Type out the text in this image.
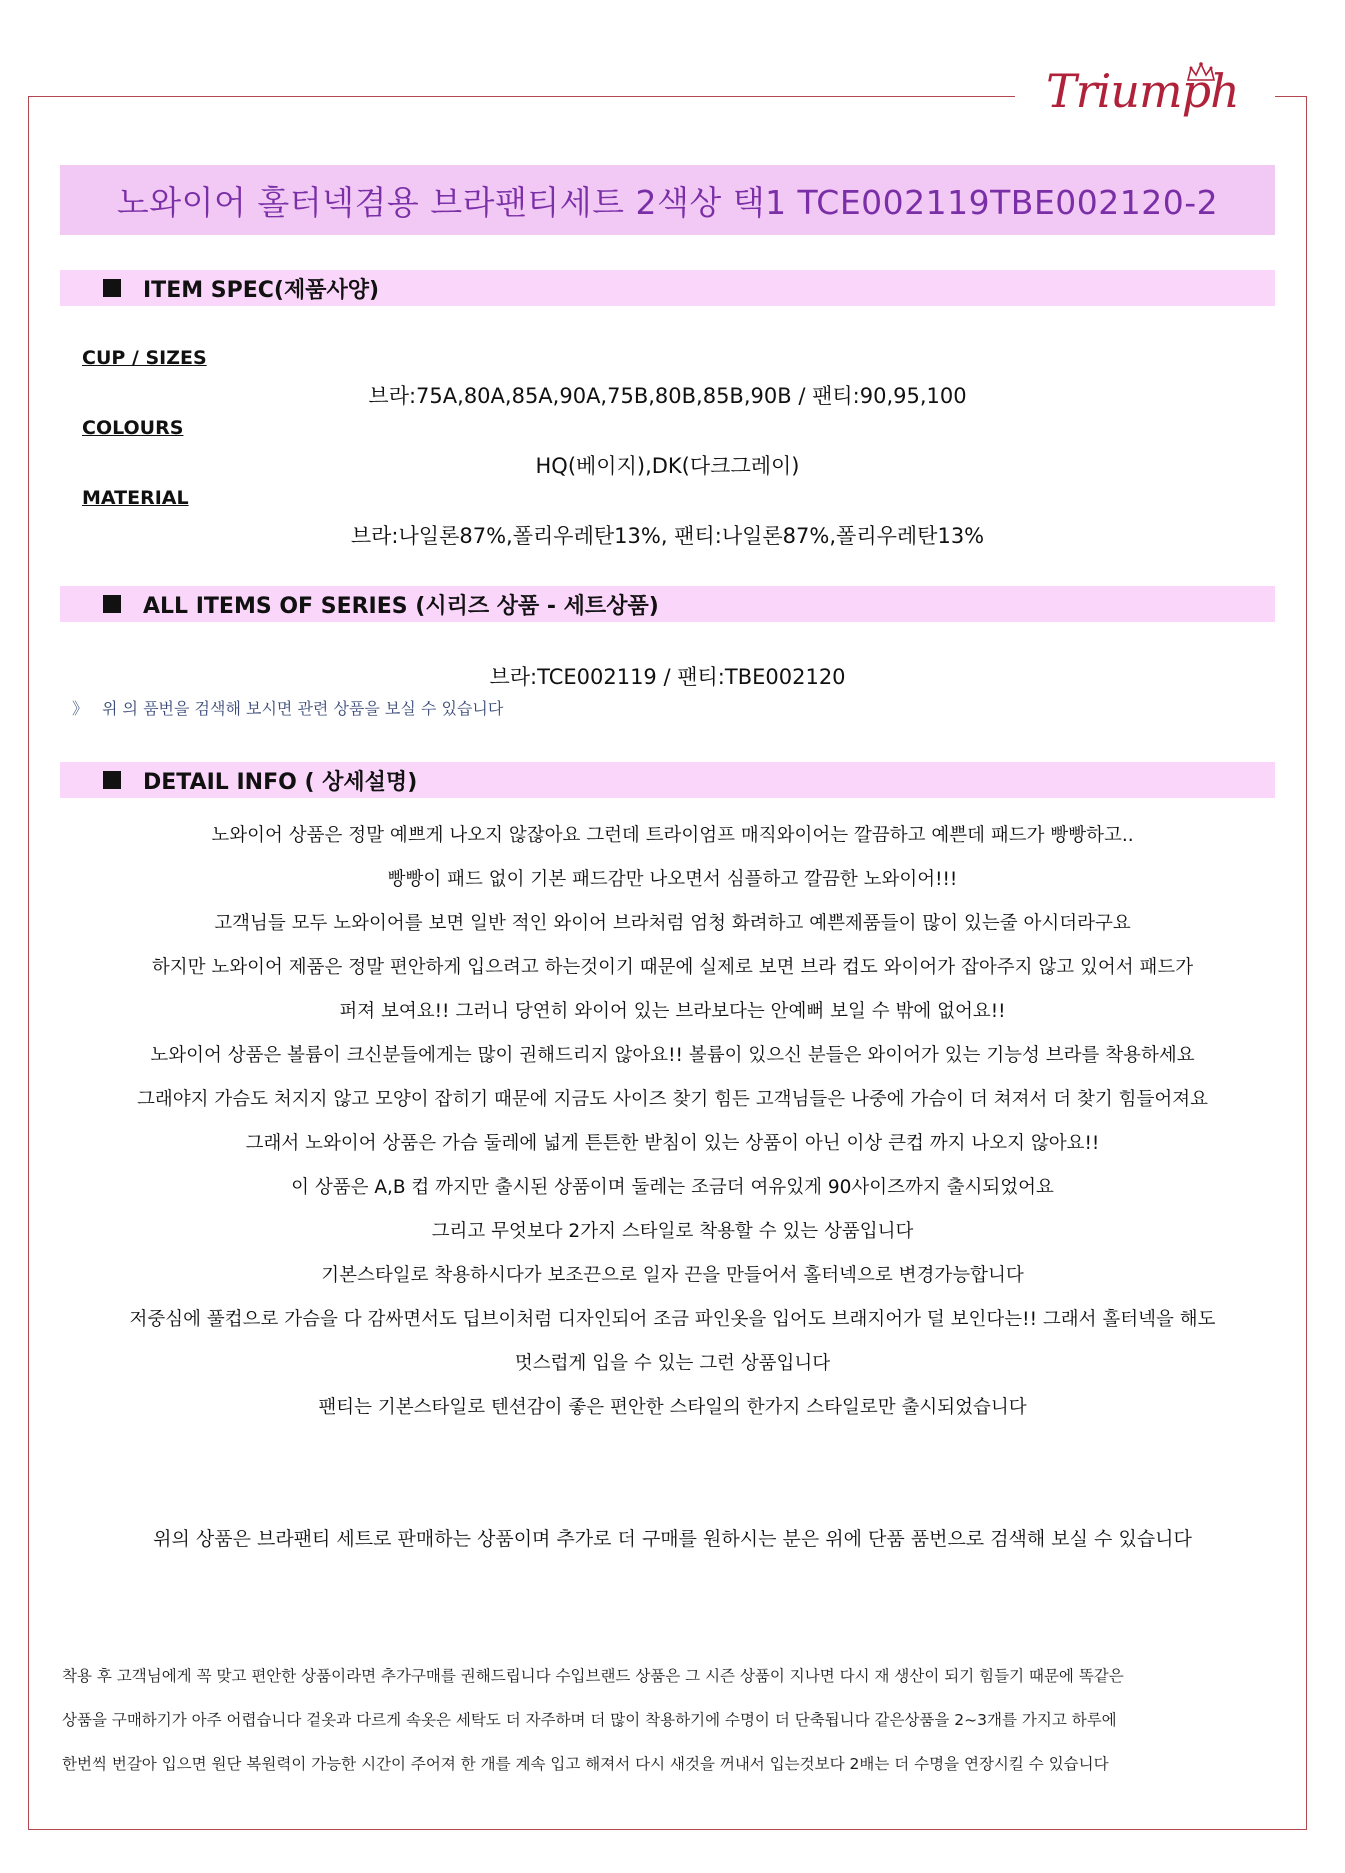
Triumph
노와이어 홀터넥겸용 브라팬티세트 2색상 택1 TCE002119TBE002120-2
ITEM SPEC(제품사양)
CUP / SIZES
브라:75A,80A,85A,90A,75B,80B,85B,90B / 팬티:90,95,100
COLOURS
HQ(베이지),DK(다크그레이)
MATERIAL
브라:나일론87%,폴리우레탄13%, 팬티:나일론87%,폴리우레탄13%
ALL ITEMS OF SERIES (시리즈 상품 - 세트상품)
브라:TCE002119 / 팬티:TBE002120
》 위 의 품번을 검색해 보시면 관련 상품을 보실 수 있습니다
DETAIL INFO ( 상세설명)

노와이어 상품은 정말 예쁘게 나오지 않잖아요 그런데 트라이엄프 매직와이어는 깔끔하고 예쁜데 패드가 빵빵하고..

빵빵이 패드 없이 기본 패드감만 나오면서 심플하고 깔끔한 노와이어!!!

고객님들 모두 노와이어를 보면 일반 적인 와이어 브라처럼 엄청 화려하고 예쁜제품들이 많이 있는줄 아시더라구요

하지만 노와이어 제품은 정말 편안하게 입으려고 하는것이기 때문에 실제로 보면 브라 컵도 와이어가 잡아주지 않고 있어서 패드가

퍼져 보여요!! 그러니 당연히 와이어 있는 브라보다는 안예뻐 보일 수 밖에 없어요!!

노와이어 상품은 볼륨이 크신분들에게는 많이 권해드리지 않아요!! 볼륨이 있으신 분들은 와이어가 있는 기능성 브라를 착용하세요

그래야지 가슴도 처지지 않고 모양이 잡히기 때문에 지금도 사이즈 찾기 힘든 고객님들은 나중에 가슴이 더 쳐져서 더 찾기 힘들어져요

그래서 노와이어 상품은 가슴 둘레에 넓게 튼튼한 받침이 있는 상품이 아닌 이상 큰컵 까지 나오지 않아요!!

이 상품은 A,B 컵 까지만 출시된 상품이며 둘레는 조금더 여유있게 90사이즈까지 출시되었어요

그리고 무엇보다 2가지 스타일로 착용할 수 있는 상품입니다

기본스타일로 착용하시다가 보조끈으로 일자 끈을 만들어서 홀터넥으로 변경가능합니다

저중심에 풀컵으로 가슴을 다 감싸면서도 딥브이처럼 디자인되어 조금 파인옷을 입어도 브래지어가 덜 보인다는!! 그래서 홀터넥을 해도

멋스럽게 입을 수 있는 그런 상품입니다

팬티는 기본스타일로 텐션감이 좋은 편안한 스타일의 한가지 스타일로만 출시되었습니다

위의 상품은 브라팬티 세트로 판매하는 상품이며 추가로 더 구매를 원하시는 분은 위에 단품 품번으로 검색해 보실 수 있습니다

착용 후 고객님에게 꼭 맞고 편안한 상품이라면 추가구매를 권해드립니다 수입브랜드 상품은 그 시즌 상품이 지나면 다시 재 생산이 되기 힘들기 때문에 똑같은

상품을 구매하기가 아주 어렵습니다 겉옷과 다르게 속옷은 세탁도 더 자주하며 더 많이 착용하기에 수명이 더 단축됩니다 같은상품을 2~3개를 가지고 하루에

한번씩 번갈아 입으면 원단 복원력이 가능한 시간이 주어져 한 개를 계속 입고 해져서 다시 새것을 꺼내서 입는것보다 2배는 더 수명을 연장시킬 수 있습니다
